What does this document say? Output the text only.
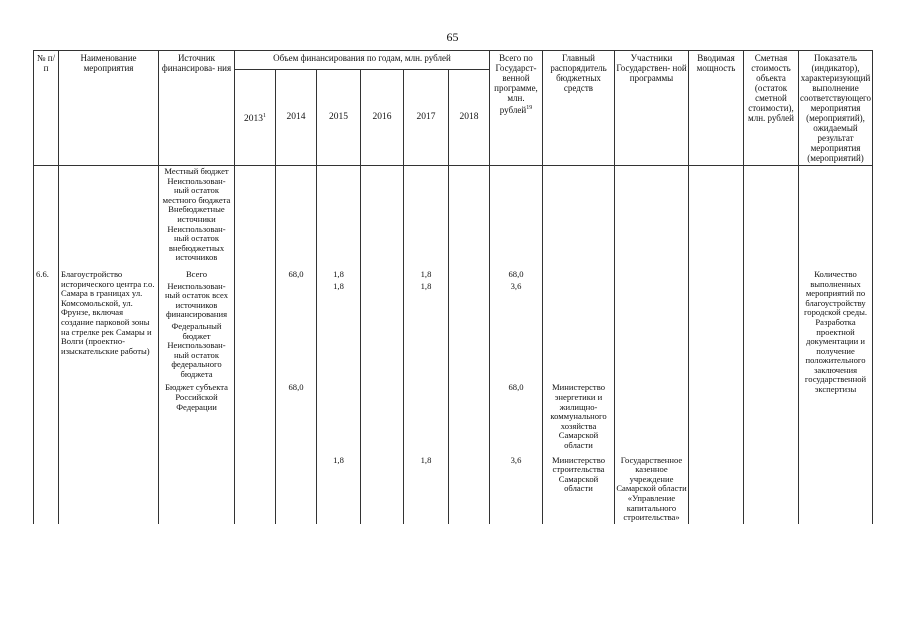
65
№ п/п	Наименование мероприятия	Источник финансирова- ния	Объем финансирования по годам, млн. рублей						Всего по Государст- венной программе, млн. рублей$^{19}$	Главный распорядитель бюджетных средств	Участники Государствен- ной программы	Вводимая мощность	Сметная стоимость объекта (остаток сметной стоимости), млн. рублей	Показатель (индикатор), характеризующий выполнение соответствующего мероприятия (мероприятий), ожидаемый результат мероприятия (мероприятий)
			2013$^1$	2014	2015	2016	2017	2018						
		Местный бюджет Неиспользован- ный остаток местного бюджета Внебюджетные источники Неиспользован- ный остаток внебюджетных источников												
6.6.	Благоустройство исторического центра г.о. Самара в границах ул. Комсомольской, ул. Фрунзе, включая создание парковой зоны на стрелке рек Самары и Волги (проектно- изыскательские работы)	Всего		68,0	1,8		1,8		68,0					Количество выполненных мероприятий по благоустройству городской среды. Разработка проектной документации и получение положительного заключения государственной экспертизы
		Неиспользован- ный остаток всех источников финансирования			1,8		1,8		3,6					
		Федеральный бюджет Неиспользован- ный остаток федерального бюджета												
		Бюджет субъекта Российской Федерации		68,0					68,0	Министерство энергетики и жилищно- коммунального хозяйства Самарской области				
					1,8		1,8		3,6	Министерство строительства Самарской области	Государственное казенное учреждение Самарской области «Управление капитального строительства»			
